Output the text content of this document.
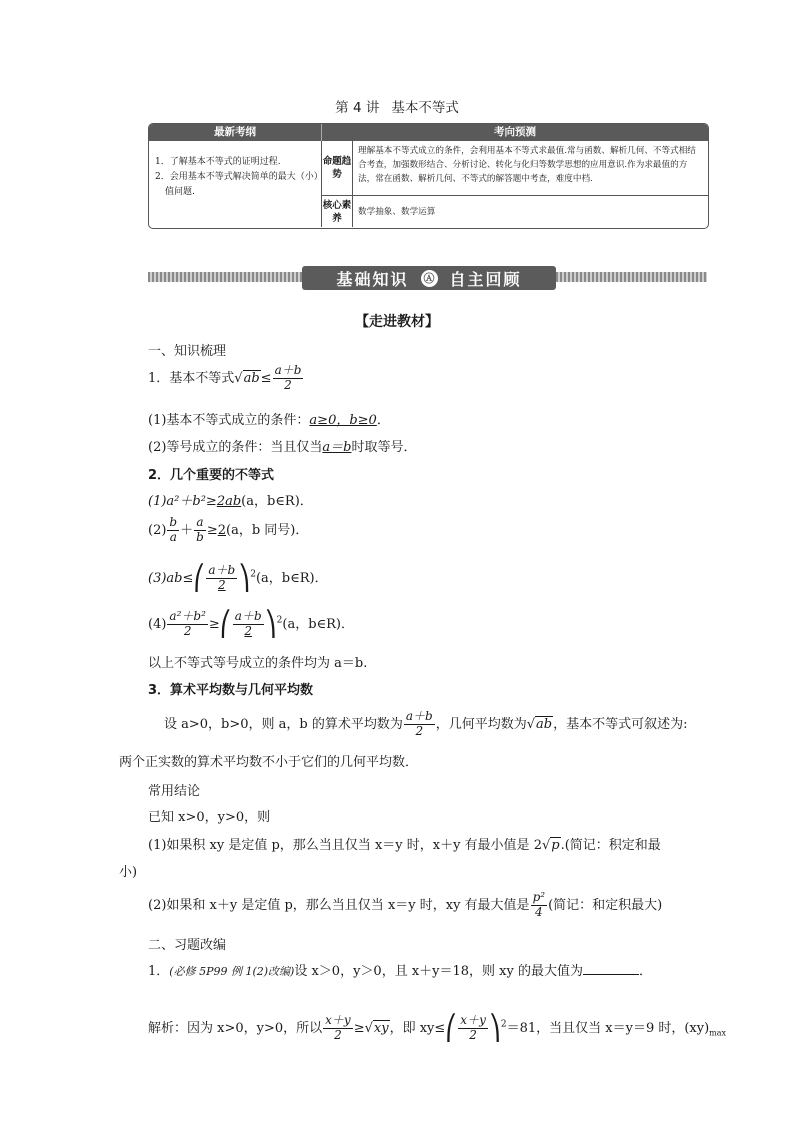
第 4 讲 基本不等式
最新考纲	考向预测
1．了解基本不等式的证明过程.
2．会用基本不等式解决简单的最大（小）值问题.
命题趋势
理解基本不等式成立的条件，会利用基本不等式求最值.常与函数、解析几何、不等式相结合考查，加强数形结合、分析讨论、转化与化归等数学思想的应用意识.作为求最值的方法，常在函数、解析几何、不等式的解答题中考查，难度中档.
核心素养
数学抽象、数学运算
基础知识 Ⓐ 自主回顾
【走进教材】
一、知识梳理
1．基本不等式$√ab\le \frac{a+b}{2}$
(1)基本不等式成立的条件：a≥0，b≥0．
(2)等号成立的条件：当且仅当a＝b时取等号．
2．几个重要的不等式
(1)a²＋b²≥2ab(a，b∈R)．
$(2) \frac{b}{a} + \frac{a}{b} \ge 2(a$，b 同号)．
(3)ab≤⎛ $\frac{a+b}{2}$ ⎞$^2$(a，b∈R)．
$(4) \frac{\text{a²＋b²}}{2}$ ≥⎛ $\frac{a+b}{2}$ ⎞$^2$(a，b∈R)．
以上不等式等号成立的条件均为 a＝b.
3．算术平均数与几何平均数
设 a>0，b>0，则 a，b 的算术平均数为 $\frac{a+b}{2}$ ，几何平均数为√ab，基本不等式可叙述为:
两个正实数的算术平均数不小于它们的几何平均数．
常用结论
已知 x>0，y>0，则
(1)如果积 xy 是定值 p，那么当且仅当 x＝y 时，x＋y 有最小值是 2√p.(简记：积定和最
小)
(2)如果和 x＋y 是定值 p，那么当且仅当 x＝y 时，xy 有最大值是 $\frac{\text{p²}}{4}$ (简记：和定积最大)
二、习题改编
1．(必修 5P99 例 1(2)改编)设 x＞0，y＞0，且 x＋y＝18，则 xy 的最大值为	．
解析：因为 x>0，y>0，所以 $\frac{x+y}{2} \ge√xy$，即 xy≤⎛ $\frac{x+y}{2}$ ⎞$^2$＝81，当且仅当 x＝y＝9 时，$(xy)_{max}$
